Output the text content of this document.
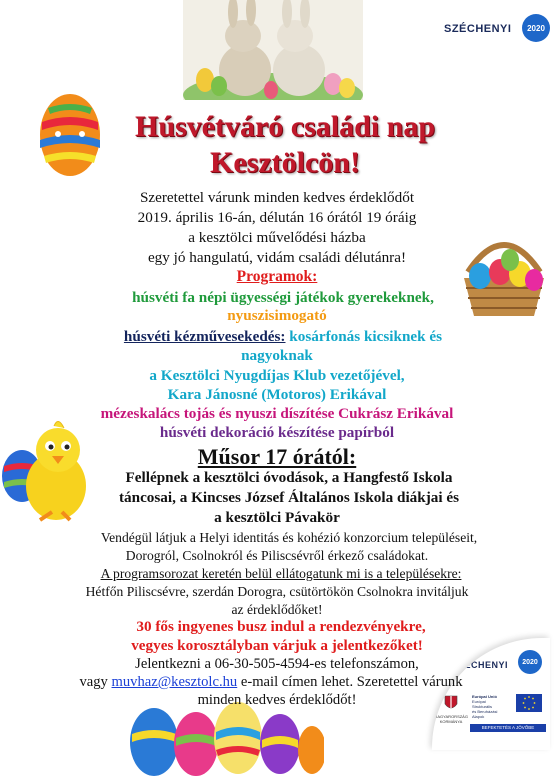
SZÉCHENYI 2020
SZÉCHENYI 2020
MAGYARORSZÁG KORMÁNYA
Európai Unió
Európai Strukturális
és Beruházási Alapok
BEFEKTETÉS A JÖVŐBE
Húsvétváró családi nap
Kesztölcön!
Szeretettel várunk minden kedves érdeklődőt
2019. április 16-án, délután 16 órától 19 óráig
a kesztölci művelődési házba
egy jó hangulatú, vidám családi délutánra!
Programok:
húsvéti fa népi ügyességi játékok gyerekeknek,
nyuszisimogató
húsvéti kézművesekedés: kosárfonás kicsiknek és
nagyoknak
a Kesztölci Nyugdíjas Klub vezetőjével,
Kara Jánosné (Motoros) Erikával
mézeskalács tojás és nyuszi díszítése Cukrász Erikával
húsvéti dekoráció készítése papírból
Műsor 17 órától:
Fellépnek a kesztölci óvodások, a Hangfestő Iskola
táncosai, a Kincses József Általános Iskola diákjai és
a kesztölci Pávakör
Vendégül látjuk a Helyi identitás és kohézió konzorcium településeit,
Dorogról, Csolnokról és Piliscsévről érkező családokat.
A programsorozat keretén belül ellátogatunk mi is a településekre:
Hétfőn Piliscsévre, szerdán Dorogra, csütörtökön Csolnokra invitáljuk
az érdeklődőket!
30 fős ingyenes busz indul a rendezvényekre,
vegyes korosztályban várjuk a jelentkezőket!
Jelentkezni a 06-30-505-4594-es telefonszámon,
vagy muvhaz@kesztolc.hu e-mail címen lehet. Szeretettel várunk
minden kedves érdeklődőt!
